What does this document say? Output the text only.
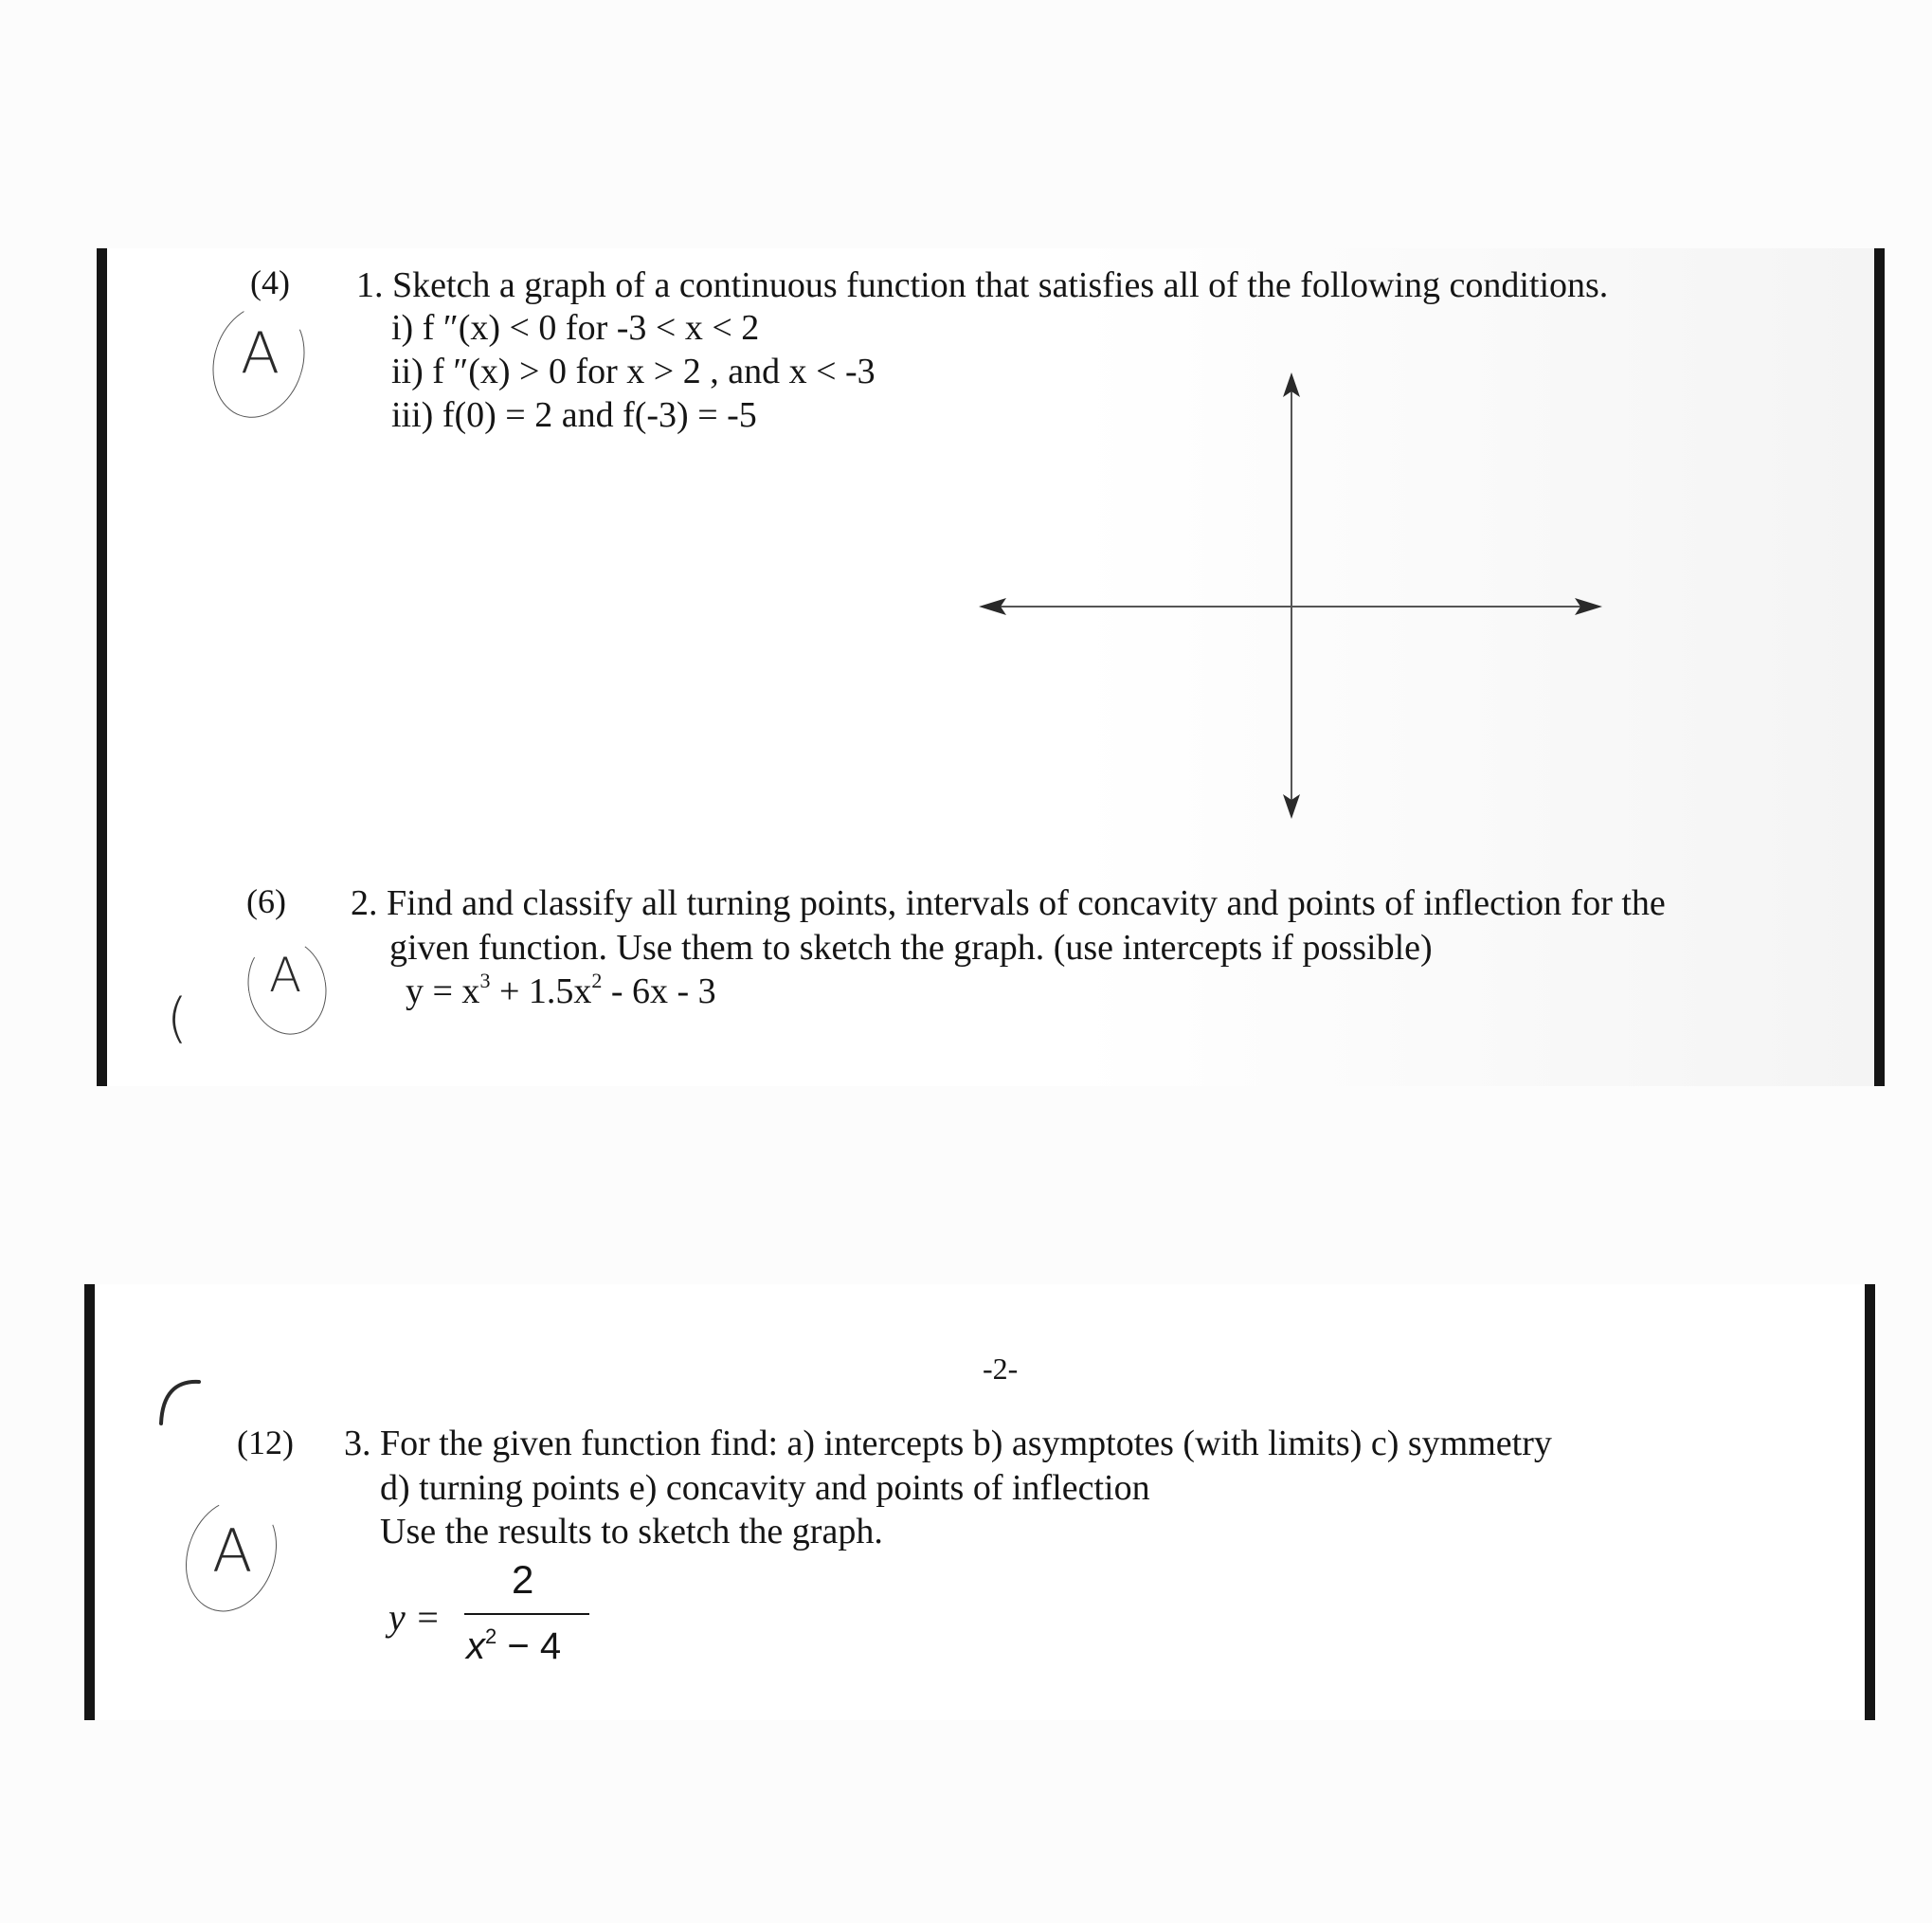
(4)
A
1. Sketch a graph of a continuous function that satisfies all of the following conditions.
i) f ″(x) < 0 for -3 < x < 2
ii) f ″(x) > 0 for x > 2 , and x < -3
iii) f(0) = 2 and f(-3) = -5
(6)
A
(
2. Find and classify all turning points, intervals of concavity and points of inflection for the
given function. Use them to sketch the graph. (use intercepts if possible)
$y = x^3 + 1.5x^2 - 6x - 3$
-2-
(12)
A
3. For the given function find: a) intercepts b) asymptotes (with limits) c) symmetry
d) turning points e) concavity and points of inflection
Use the results to sketch the graph.
y =
2
$x^2 - 4$
